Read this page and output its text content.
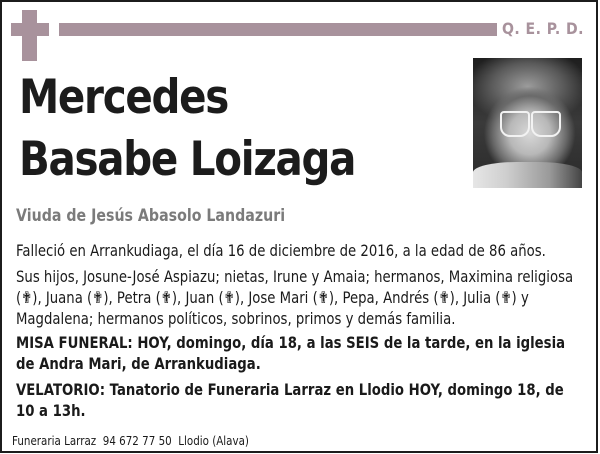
Q. E. P. D.
Mercedes
Basabe Loizaga
Viuda de Jesús Abasolo Landazuri
Falleció en Arrankudiaga, el día 16 de diciembre de 2016, a la edad de 86 años.
Sus hijos, Josune-José Aspiazu; nietas, Irune y Amaia; hermanos, Maximina religiosa (✟), Juana (✟), Petra (✟), Juan (✟), Jose Mari (✟), Pepa, Andrés (✟), Julia (✟) y Magdalena; hermanos políticos, sobrinos, primos y demás familia.
MISA FUNERAL: HOY, domingo, día 18, a las SEIS de la tarde, en la iglesia de Andra Mari, de Arrankudiaga.
VELATORIO: Tanatorio de Funeraria Larraz en Llodio HOY, domingo 18, de 10 a 13h.
Funeraria Larraz  94 672 77 50  Llodio (Alava)
